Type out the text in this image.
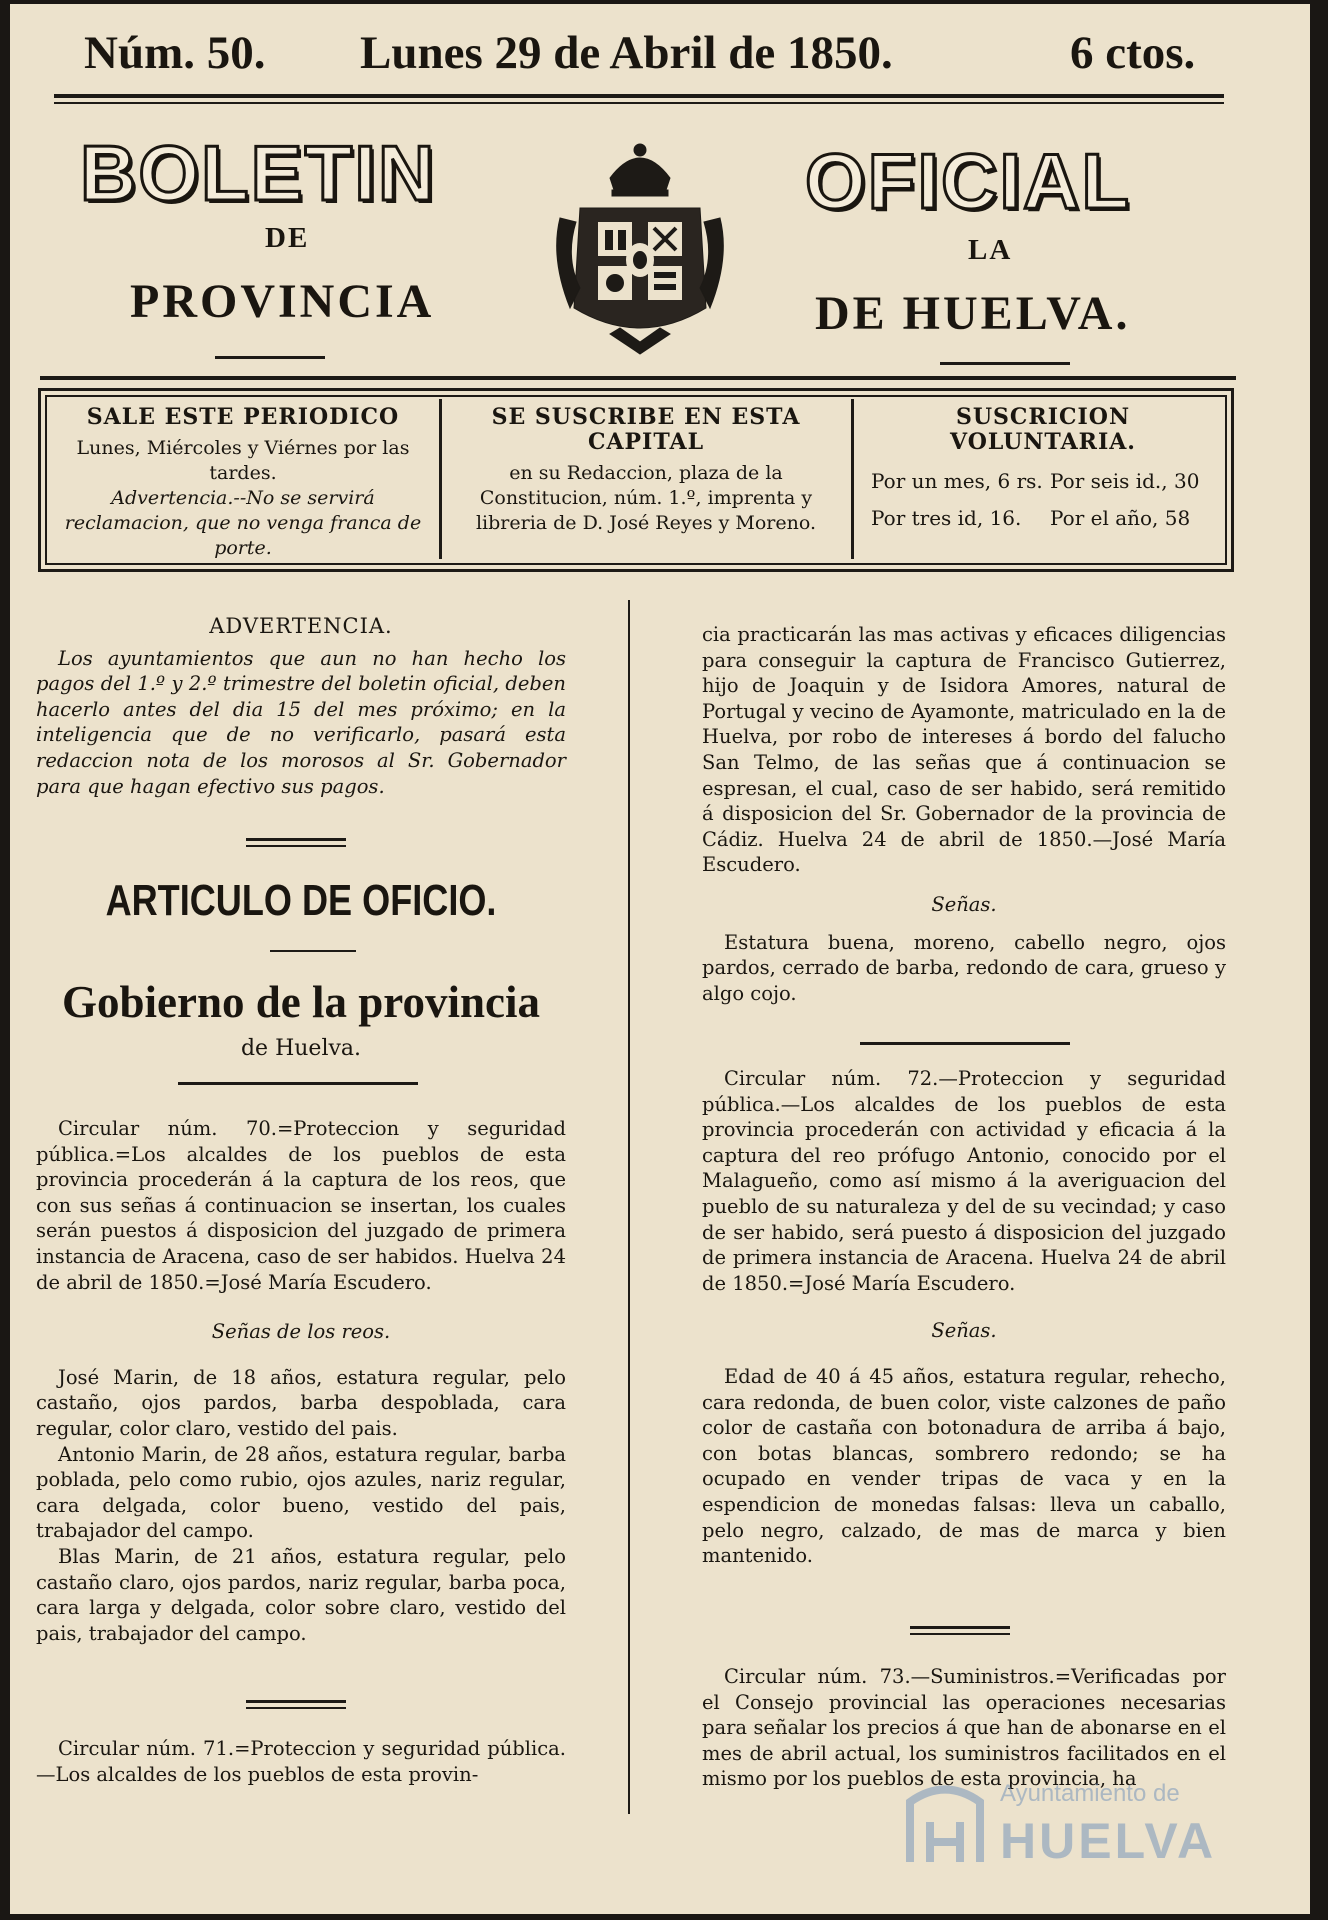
Núm. 50. Lunes 29 de Abril de 1850.	6 ctos.
BOLETIN	OFICIAL
DE	LA
PROVINCIA	DE HUELVA.
SALE ESTE PERIODICO
Lunes, Miércoles y Viérnes por las tardes.
Advertencia.--No se servirá reclamacion, que no venga franca de porte.
SE SUSCRIBE EN ESTA CAPITAL
en su Redaccion, plaza de la Constitucion, núm. 1.º, imprenta y libreria de D. José Reyes y Moreno.
SUSCRICION VOLUNTARIA.
Por un mes, 6 rs. Por seis id., 30
Por tres id, 16.	Por el año, 58

ADVERTENCIA.

Los ayuntamientos que aun no han hecho los pagos del 1.º y 2.º trimestre del boletin oficial, deben hacerlo antes del dia 15 del mes próximo; en la inteligencia que de no verificarlo, pasará esta redaccion nota de los morosos al Sr. Gobernador para que hagan efectivo sus pagos.

ARTICULO DE OFICIO.
Gobierno de la provincia
de Huelva.

Circular núm. 70.=Proteccion y seguridad pública.=Los alcaldes de los pueblos de esta provincia procederán á la captura de los reos, que con sus señas á continuacion se insertan, los cuales serán puestos á disposicion del juzgado de primera instancia de Aracena, caso de ser habidos. Huelva 24 de abril de 1850.=José María Escudero.

Señas de los reos.

José Marin, de 18 años, estatura regular, pelo castaño, ojos pardos, barba despoblada, cara regular, color claro, vestido del pais.

Antonio Marin, de 28 años, estatura regular, barba poblada, pelo como rubio, ojos azules, nariz regular, cara delgada, color bueno, vestido del pais, trabajador del campo.

Blas Marin, de 21 años, estatura regular, pelo castaño claro, ojos pardos, nariz regular, barba poca, cara larga y delgada, color sobre claro, vestido del pais, trabajador del campo.

Circular núm. 71.=Proteccion y seguridad pública.—Los alcaldes de los pueblos de esta provin-

cia practicarán las mas activas y eficaces diligencias para conseguir la captura de Francisco Gutierrez, hijo de Joaquin y de Isidora Amores, natural de Portugal y vecino de Ayamonte, matriculado en la de Huelva, por robo de intereses á bordo del falucho San Telmo, de las señas que á continuacion se espresan, el cual, caso de ser habido, será remitido á disposicion del Sr. Gobernador de la provincia de Cádiz. Huelva 24 de abril de 1850.—José María Escudero.

Señas.

Estatura buena, moreno, cabello negro, ojos pardos, cerrado de barba, redondo de cara, grueso y algo cojo.

Circular núm. 72.—Proteccion y seguridad pública.—Los alcaldes de los pueblos de esta provincia procederán con actividad y eficacia á la captura del reo prófugo Antonio, conocido por el Malagueño, como así mismo á la averiguacion del pueblo de su naturaleza y del de su vecindad; y caso de ser habido, será puesto á disposicion del juzgado de primera instancia de Aracena. Huelva 24 de abril de 1850.=José María Escudero.

Señas.

Edad de 40 á 45 años, estatura regular, rehecho, cara redonda, de buen color, viste calzones de paño color de castaña con botonadura de arriba á bajo, con botas blancas, sombrero redondo; se ha ocupado en vender tripas de vaca y en la espendicion de monedas falsas: lleva un caballo, pelo negro, calzado, de mas de marca y bien mantenido.

Circular núm. 73.—Suministros.=Verificadas por el Consejo provincial las operaciones necesarias para señalar los precios á que han de abonarse en el mes de abril actual, los suministros facilitados en el mismo por los pueblos de esta provincia, ha

Ayuntamiento de
HUELVA
